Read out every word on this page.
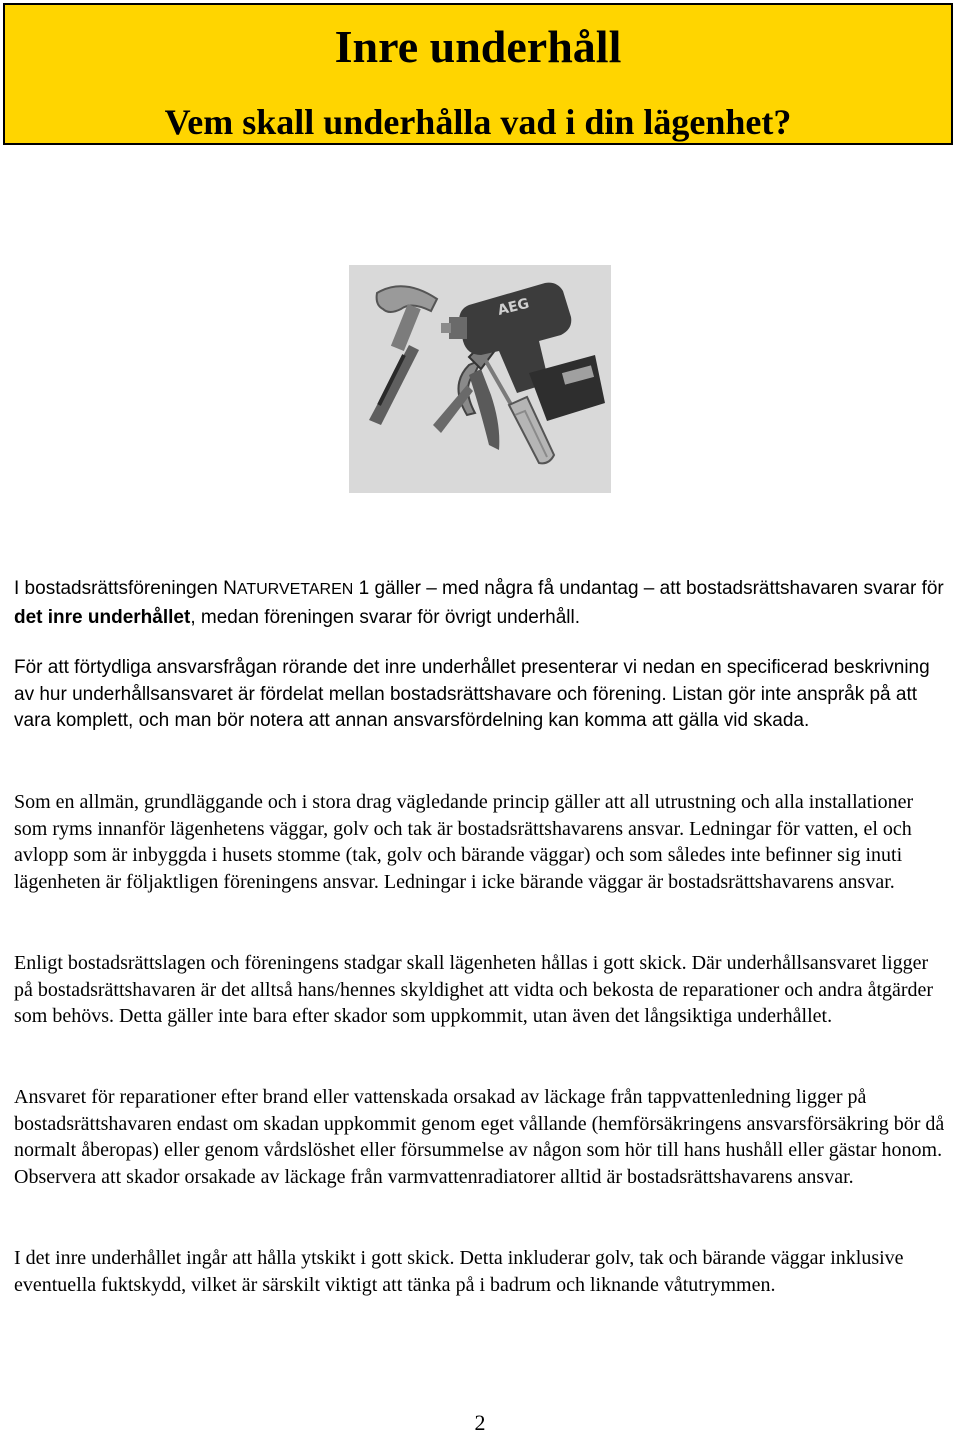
Inre underhåll
Vem skall underhålla vad i din lägenhet?
AEG

I bostadsrättsföreningen NATURVETAREN 1 gäller – med några få undantag – att bostadsrättshavaren svarar för det inre underhållet, medan föreningen svarar för övrigt underhåll.

För att förtydliga ansvarsfrågan rörande det inre underhållet presenterar vi nedan en specificerad beskrivning av hur underhållsansvaret är fördelat mellan bostadsrättshavare och förening. Listan gör inte anspråk på att vara komplett, och man bör notera att annan ansvarsfördelning kan komma att gälla vid skada.

Som en allmän, grundläggande och i stora drag vägledande princip gäller att all utrustning och alla installationer som ryms innanför lägenhetens väggar, golv och tak är bostadsrättshavarens ansvar. Ledningar för vatten, el och avlopp som är inbyggda i husets stomme (tak, golv och bärande väggar) och som således inte befinner sig inuti lägenheten är följaktligen föreningens ansvar. Ledningar i icke bärande väggar är bostadsrättshavarens ansvar.

Enligt bostadsrättslagen och föreningens stadgar skall lägenheten hållas i gott skick. Där underhållsansvaret ligger på bostadsrättshavaren är det alltså hans/hennes skyldighet att vidta och bekosta de reparationer och andra åtgärder som behövs. Detta gäller inte bara efter skador som uppkommit, utan även det långsiktiga underhållet.

Ansvaret för reparationer efter brand eller vattenskada orsakad av läckage från tappvattenledning ligger på bostadsrättshavaren endast om skadan uppkommit genom eget vållande (hemförsäkringens ansvarsförsäkring bör då normalt åberopas) eller genom vårdslöshet eller försummelse av någon som hör till hans hushåll eller gästar honom. Observera att skador orsakade av läckage från varmvattenradiatorer alltid är bostadsrättshavarens ansvar.

I det inre underhållet ingår att hålla ytskikt i gott skick. Detta inkluderar golv, tak och bärande väggar inklusive eventuella fuktskydd, vilket är särskilt viktigt att tänka på i badrum och liknande våtutrymmen.

2
